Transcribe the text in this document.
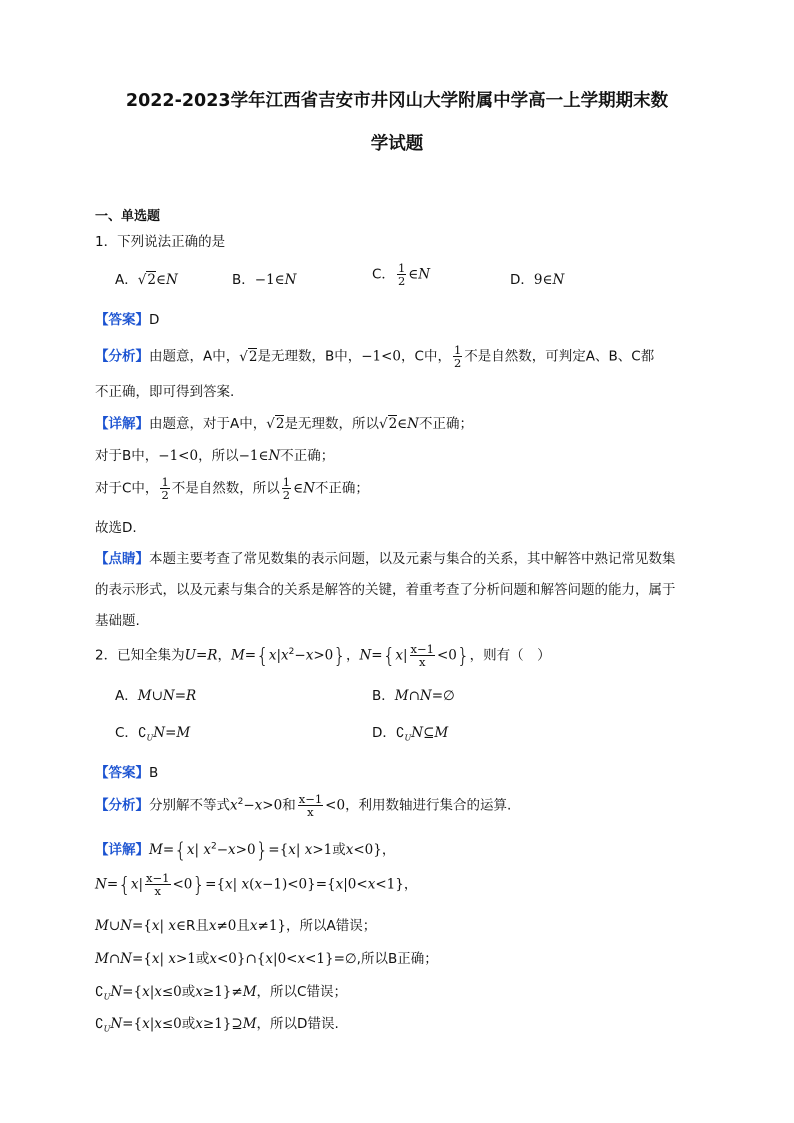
2022-2023学年江西省吉安市井冈山大学附属中学高一上学期期末数
学试题
一、单选题
1．下列说法正确的是
A．√2∈N	B．−1∈N	C． $\frac{1}{2}$ ∈N	D．9∈N
【答案】D
【分析】由题意，A中，√2是无理数，B中，−1<0，C中， $\frac{1}{2}$ 不是自然数，可判定A、B、C都
不正确，即可得到答案.
【详解】由题意，对于A中，√2是无理数，所以√2∈N不正确；
对于B中，−1<0，所以−1∈N不正确；
对于C中， $\frac{1}{2}$ 不是自然数，所以 $\frac{1}{2}$ ∈N不正确；
故选D.
【点睛】本题主要考查了常见数集的表示问题，以及元素与集合的关系，其中解答中熟记常见数集
的表示形式，以及元素与集合的关系是解答的关键，着重考查了分析问题和解答问题的能力，属于
基础题.
2．已知全集为U=R，$M=\{x|x^2-x>0\}$，$N=\{x| \frac{x-1}{x} <0\}$，则有（　）
A．M∪N=R	B．M∩N=∅
C．$∁_UN=M$	D．$∁_UN⊆M$
【答案】B
【分析】分别解不等式$x^2-x>0$和 $\frac{x-1}{x} <0$，利用数轴进行集合的运算.
【详解】M={x| $x^2-x>0\}=\{x|$ x>1或x<0}，
$N=\{x| \frac{x-1}{x} <0\}=\{x|$ x(x−1)<0}={x|0<x<1}，
M∪N={x| x∈R且x≠0且x≠1}，所以A错误；
M∩N={x| x>1或x<0}∩{x|0<x<1}=∅,所以B正确；
$∁_UN=\{x|x\le 0$或x≥1}≠M，所以C错误；
$∁_UN=\{x|x\le 0$或x≥1}⊇M，所以D错误.
